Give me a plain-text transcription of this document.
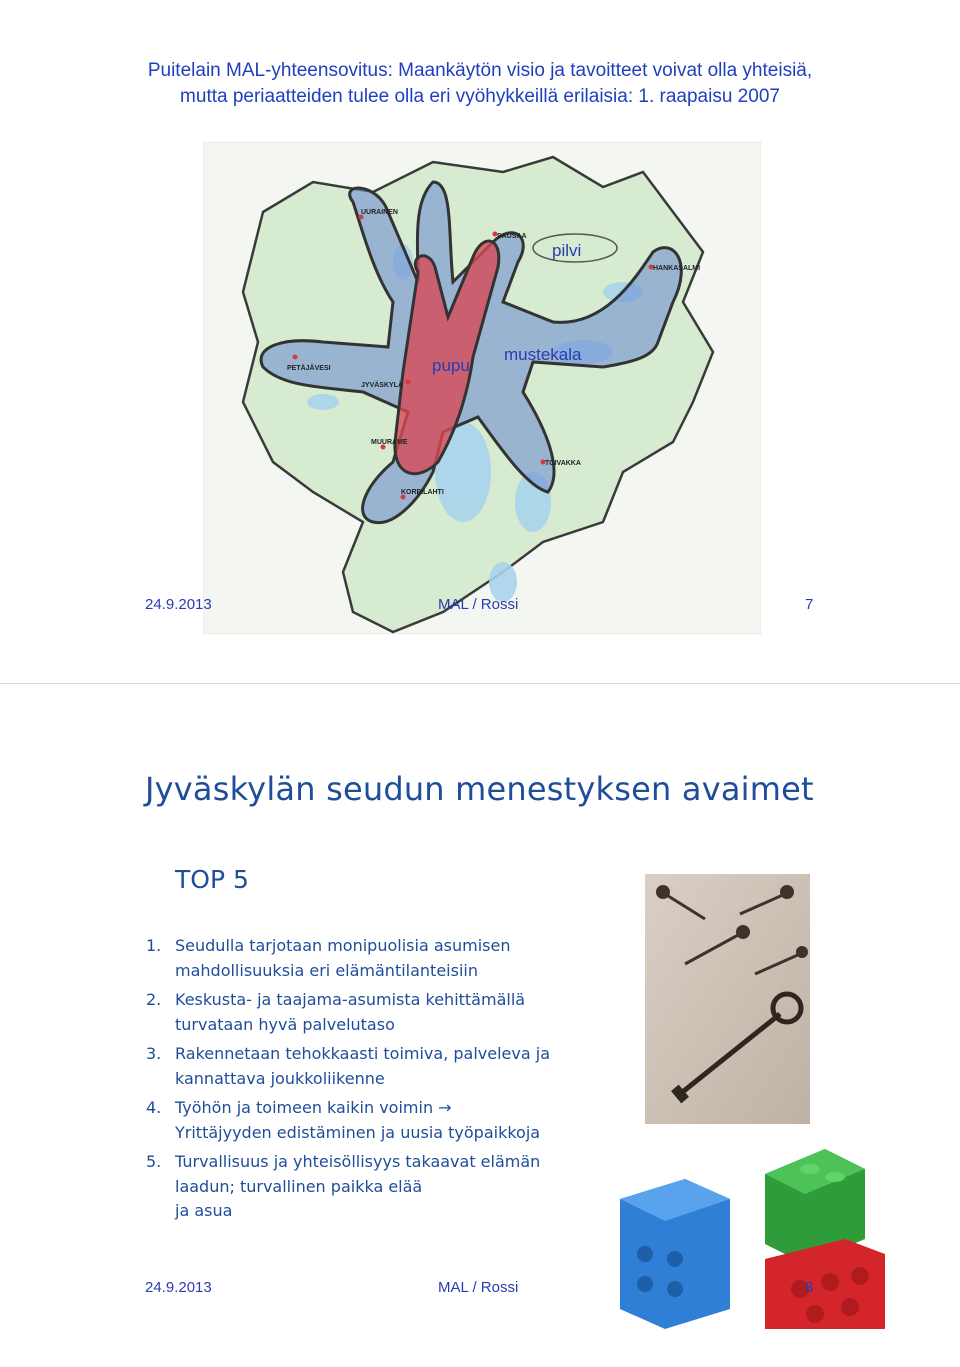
Puitelain MAL-yhteensovitus: Maankäytön visio ja tavoitteet voivat olla yhteisiä,
mutta periaatteiden tulee olla eri vyöhykkeillä erilaisia: 1. raapaisu 2007
UURAINEN
SAUSAA
HANKASALMI
PETÄJÄVESI
JYVÄSKYLÄ
MUURAME
TOIVAKKA
KORPILAHTI
pilvi
pupu
mustekala
24.9.2013	MAL / Rossi	7
Jyväskylän seudun menestyksen avaimet
TOP 5
1. Seudulla tarjotaan monipuolisia asumisen
mahdollisuuksia eri elämäntilanteisiin
2. Keskusta- ja taajama-asumista kehittämällä
turvataan hyvä palvelutaso
3. Rakennetaan tehokkaasti toimiva, palveleva ja
kannattava joukkoliikenne
4. Työhön ja toimeen kaikin voimin →
Yrittäjyyden edistäminen ja uusia työpaikkoja
5. Turvallisuus ja yhteisöllisyys takaavat elämän
laadun; turvallinen paikka elää
ja asua
24.9.2013	MAL / Rossi	8
